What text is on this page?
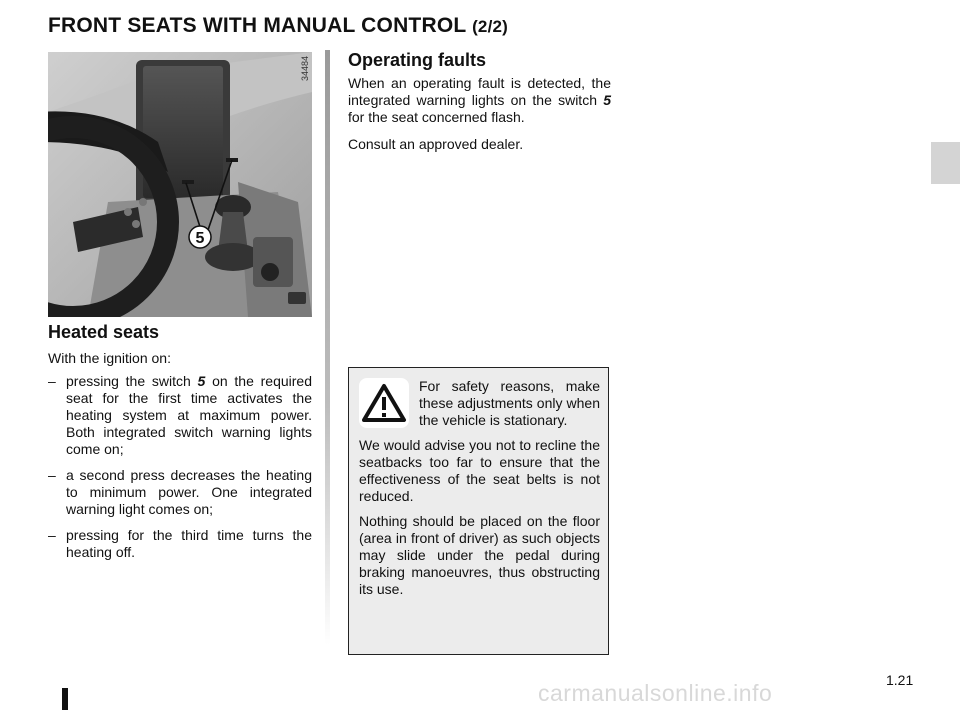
FRONT SEATS WITH MANUAL CONTROL (2/2)
5
34484
Heated seats
With the ignition on:
– pressing the switch 5 on the required seat for the first time activates the heating system at maximum power. Both integrated switch warning lights come on;
– a second press decreases the heating to minimum power. One integrated warning light comes on;
– pressing for the third time turns the heating off.
Operating faults

When an operating fault is detected, the integrated warning lights on the switch 5 for the seat concerned flash.

Consult an approved dealer.

For safety reasons, make these adjustments only when the vehicle is stationary.

We would advise you not to recline the seatbacks too far to ensure that the effectiveness of the seat belts is not reduced.

Nothing should be placed on the floor (area in front of driver) as such objects may slide under the pedal during braking manoeuvres, thus obstructing its use.

carmanualsonline.info	1.21
